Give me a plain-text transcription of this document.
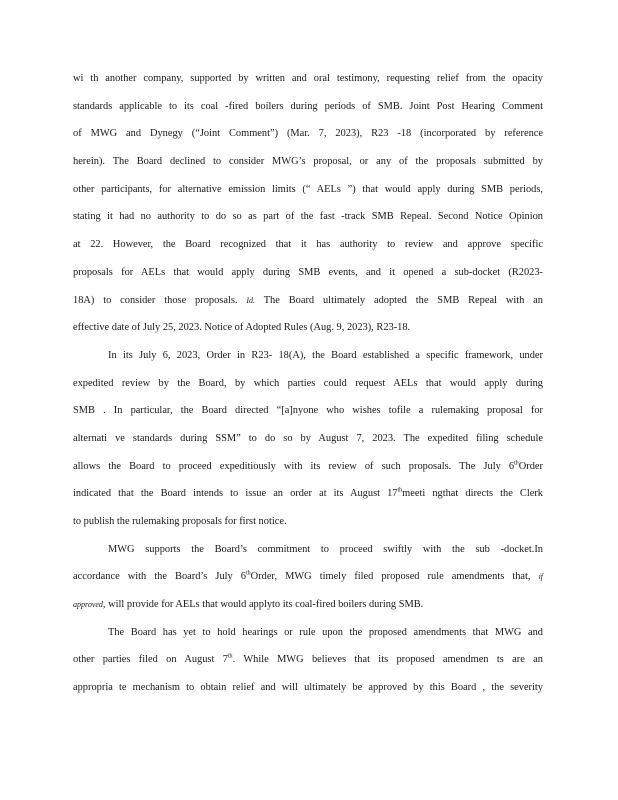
wi th another company, supported by written and oral testimony, requesting relief from the opacity
standards applicable to its coal -fired boilers during periods of SMB. Joint Post Hearing Comment
of MWG and Dynegy (“Joint Comment”) (Mar. 7, 2023), R23 -18 (incorporated by reference
herein). The Board declined to consider MWG’s proposal, or any of the proposals submitted by
other participants, for alternative emission limits (“ AELs ”) that would apply during SMB periods,
stating it had no authority to do so as part of the fast -track SMB Repeal. Second Notice Opinion
at 22. However, the Board recognized that it has authority to review and approve specific
proposals for AELs that would apply during SMB events, and it opened a sub-docket (R2023-
18A) to consider those proposals. Id. The Board ultimately adopted the SMB Repeal with an
effective date of July 25, 2023. Notice of Adopted Rules (Aug. 9, 2023), R23-18.
In its July 6, 2023, Order in R23- 18(A), the Board established a specific framework, under
expedited review by the Board, by which parties could request AELs that would apply during
SMB . In particular, the Board directed “[a]nyone who wishes tofile a rulemaking proposal for
alternati ve standards during SSM” to do so by August 7, 2023. The expedited filing schedule
allows the Board to proceed expeditiously with its review of such proposals. The July 6thOrder
indicated that the Board intends to issue an order at its August 17thmeeti ngthat directs the Clerk
to publish the rulemaking proposals for first notice.
MWG supports the Board’s commitment to proceed swiftly with the sub -docket.In
accordance with the Board’s July 6thOrder, MWG timely filed proposed rule amendments that, if
approved, will provide for AELs that would applyto its coal-fired boilers during SMB.
The Board has yet to hold hearings or rule upon the proposed amendments that MWG and
other parties filed on August 7th. While MWG believes that its proposed amendmen ts are an
appropria te mechanism to obtain relief and will ultimately be approved by this Board , the severity
